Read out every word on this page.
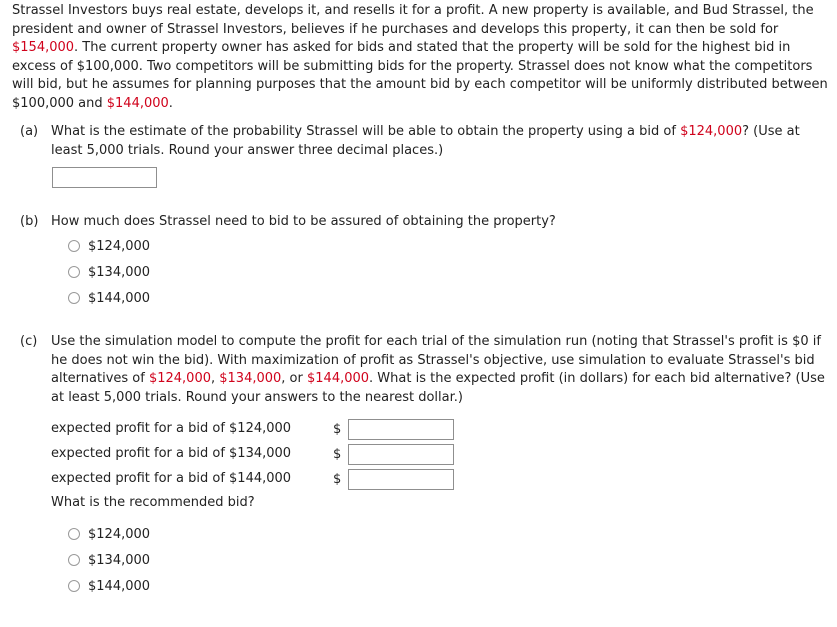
Strassel Investors buys real estate, develops it, and resells it for a profit. A new property is available, and Bud Strassel, the
president and owner of Strassel Investors, believes if he purchases and develops this property, it can then be sold for
$154,000. The current property owner has asked for bids and stated that the property will be sold for the highest bid in
excess of $100,000. Two competitors will be submitting bids for the property. Strassel does not know what the competitors
will bid, but he assumes for planning purposes that the amount bid by each competitor will be uniformly distributed between
$100,000 and $144,000.
(a) What is the estimate of the probability Strassel will be able to obtain the property using a bid of $124,000? (Use at
least 5,000 trials. Round your answer three decimal places.)
(b) How much does Strassel need to bid to be assured of obtaining the property?
$124,000
$134,000
$144,000
(c) Use the simulation model to compute the profit for each trial of the simulation run (noting that Strassel's profit is $0 if
he does not win the bid). With maximization of profit as Strassel's objective, use simulation to evaluate Strassel's bid
alternatives of $124,000, $134,000, or $144,000. What is the expected profit (in dollars) for each bid alternative? (Use
at least 5,000 trials. Round your answers to the nearest dollar.)
expected profit for a bid of $124,000	$
expected profit for a bid of $134,000	$
expected profit for a bid of $144,000	$
What is the recommended bid?
$124,000
$134,000
$144,000
